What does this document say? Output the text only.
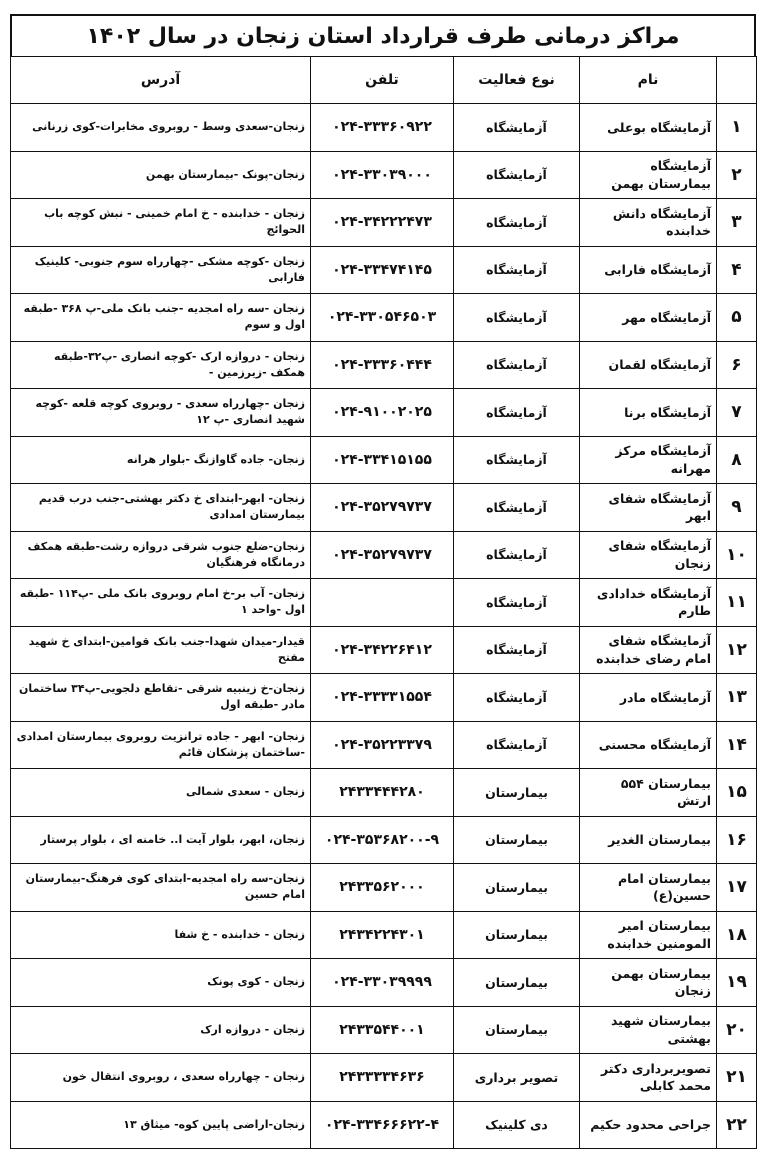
مراکز درمانی طرف قرارداد استان زنجان در سال ۱۴۰۲
	نام	نوع فعالیت	تلفن	آدرس
۱	آزمایشگاه بوعلی	آزمایشگاه	۰۲۴-۳۳۳۶۰۹۲۲	زنجان-سعدی وسط - روبروی مخابرات-کوی زرنانی
۲	آزمایشگاه بیمارستان بهمن	آزمایشگاه	۰۲۴-۳۳۰۳۹۰۰۰	زنجان-پونک -بیمارستان بهمن
۳	آزمایشگاه دانش خدابنده	آزمایشگاه	۰۲۴-۳۴۲۲۲۴۷۳	زنجان - خدابنده - خ امام خمینی - نبش کوچه باب الحوائج
۴	آزمایشگاه فارابی	آزمایشگاه	۰۲۴-۳۳۴۷۴۱۴۵	زنجان -کوچه مشکی -چهارراه سوم جنوبی- کلینیک فارابی
۵	آزمایشگاه مهر	آزمایشگاه	۰۲۴-۳۳۰۵۴۶۵۰۳	زنجان -سه راه امجدیه -جنب بانک ملی-پ ۳۶۸ -طبقه اول و سوم
۶	آزمایشگاه لقمان	آزمایشگاه	۰۲۴-۳۳۳۶۰۴۴۴	زنجان - دروازه ارک -کوچه انصاری -پ۳۲-طبقه همکف -زیرزمین -
۷	آزمایشگاه برنا	آزمایشگاه	۰۲۴-۹۱۰۰۲۰۲۵	زنجان -چهارراه سعدی - روبروی کوچه قلعه -کوچه شهید انصاری -پ ۱۲
۸	آزمایشگاه مرکز مهرانه	آزمایشگاه	۰۲۴-۳۳۴۱۵۱۵۵	زنجان- جاده گاوازنگ -بلوار هرانه
۹	آزمایشگاه شفای ابهر	آزمایشگاه	۰۲۴-۳۵۲۷۹۷۳۷	زنجان- ابهر-ابتدای خ دکتر بهشتی-جنب درب قدیم بیمارستان امدادی
۱۰	آزمایشگاه شفای زنجان	آزمایشگاه	۰۲۴-۳۵۲۷۹۷۳۷	زنجان-ضلع جنوب شرقی دروازه رشت-طبقه همکف درمانگاه فرهنگیان
۱۱	آزمایشگاه خدادادی طارم	آزمایشگاه		زنجان- آب بر-خ امام روبروی بانک ملی -پ۱۱۴ -طبقه اول -واحد ۱
۱۲	آزمایشگاه شفای امام رضای خدابنده	آزمایشگاه	۰۲۴-۳۴۲۲۶۴۱۲	قیدار-میدان شهدا-جنب بانک قوامین-ابتدای خ شهید مفتح
۱۳	آزمایشگاه مادر	آزمایشگاه	۰۲۴-۳۳۳۳۱۵۵۴	زنجان-خ زینبیه شرقی -تقاطع دلجویی-پ۳۴ ساختمان مادر -طبقه اول
۱۴	آزمایشگاه محسنی	آزمایشگاه	۰۲۴-۳۵۲۲۳۳۷۹	زنجان- ابهر - جاده ترانزیت روبروی بیمارستان امدادی -ساختمان پزشکان قائم
۱۵	بیمارستان ۵۵۴ ارتش	بیمارستان	۲۴۳۳۴۴۴۲۸۰	زنجان - سعدی شمالی
۱۶	بیمارستان الغدیر	بیمارستان	۰۲۴-۳۵۳۶۸۲۰۰-۹	زنجان، ابهر، بلوار آیت ا.. خامنه ای ، بلوار پرستار
۱۷	بیمارستان امام حسین(ع)	بیمارستان	۲۴۳۳۵۶۲۰۰۰	زنجان-سه راه امجدیه-ابتدای کوی فرهنگ-بیمارستان امام حسین
۱۸	بیمارستان امیر المومنین خدابنده	بیمارستان	۲۴۳۴۲۲۴۳۰۱	زنجان - خدابنده - خ شفا
۱۹	بیمارستان بهمن زنجان	بیمارستان	۰۲۴-۳۳۰۳۹۹۹۹	زنجان - کوی پونک
۲۰	بیمارستان شهید بهشتی	بیمارستان	۲۴۳۳۵۴۴۰۰۱	زنجان - دروازه ارک
۲۱	تصویربرداری دکتر محمد کابلی	تصویر برداری	۲۴۳۳۳۳۴۶۳۶	زنجان - چهارراه سعدی ، روبروی انتقال خون
۲۲	جراحی محدود حکیم	دی کلینیک	۰۲۴-۳۳۴۶۶۶۲۲-۴	زنجان-اراضی پایین کوه- میثاق ۱۳
